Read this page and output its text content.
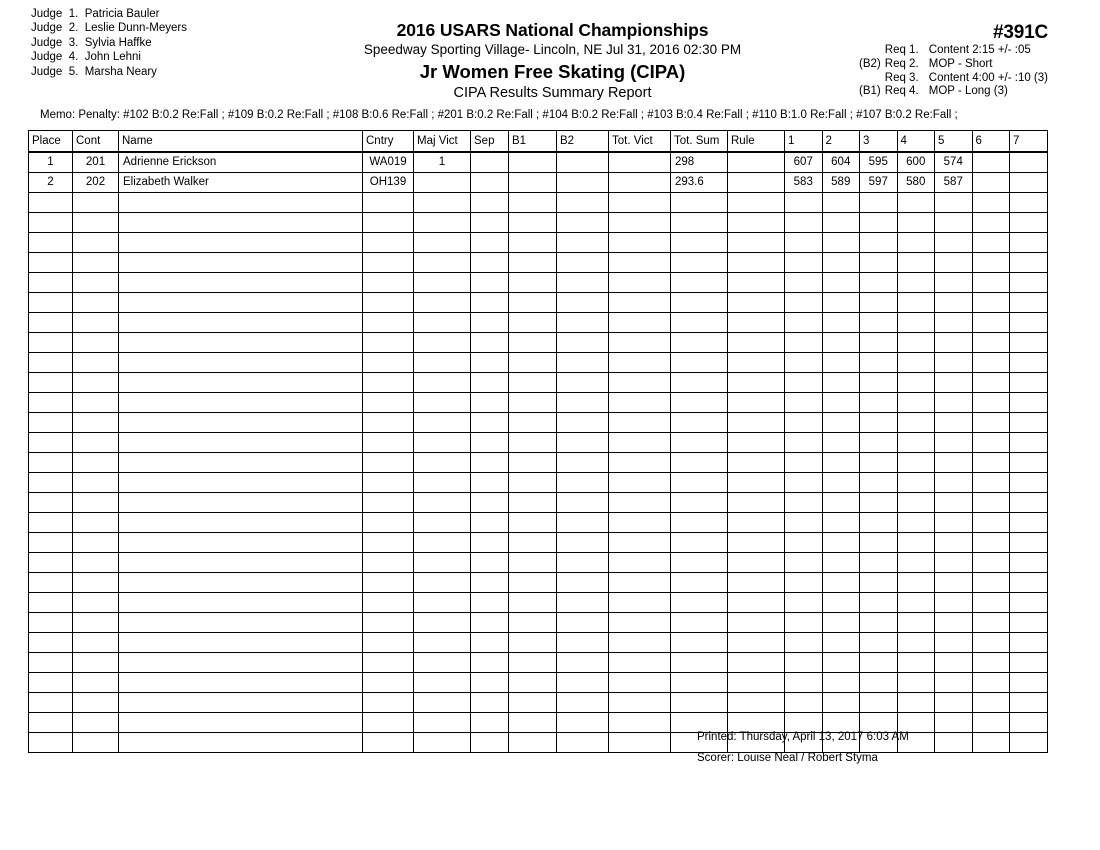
Judge 1. Patricia Bauler
Judge 2. Leslie Dunn-Meyers
Judge 3. Sylvia Haffke
Judge 4. John Lehni
Judge 5. Marsha Neary
2016 USARS National Championships
Speedway Sporting Village- Lincoln, NE Jul 31, 2016 02:30 PM
Jr Women Free Skating (CIPA)
CIPA Results Summary Report
#391C
Req 1. Content 2:15 +/- :05
(B2) Req 2. MOP - Short
Req 3. Content 4:00 +/- :10 (3)
(B1) Req 4. MOP - Long (3)
Memo: Penalty: #102 B:0.2 Re:Fall ; #109 B:0.2 Re:Fall ; #108 B:0.6 Re:Fall ; #201 B:0.2 Re:Fall ; #104 B:0.2 Re:Fall ; #103 B:0.4 Re:Fall ; #110 B:1.0 Re:Fall ; #107 B:0.2 Re:Fall ;
Place	Cont	Name	Cntry	Maj Vict	Sep	B1	B2	Tot. Vict	Tot. Sum	Rule	1	2	3	4	5	6	7
1	201	Adrienne Erickson	WA019	1					298		607	604	595	600	574		
2	202	Elizabeth Walker	OH139						293.6		583	589	597	580	587		

Printed: Thursday, April 13, 2017 6:03 AM
Scorer: Louise Neal / Robert Styma
